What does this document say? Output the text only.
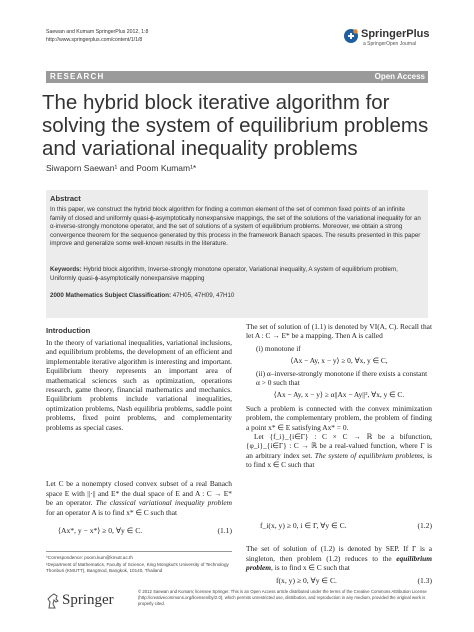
Saewan and Kumam SpringerPlus 2012, 1:8
http://www.springerplus.com/content/1/1/8	SpringerPlus
a SpringerOpen Journal
RESEARCH	Open Access
The hybrid block iterative algorithm for solving the system of equilibrium problems and variational inequality problems
Siwaporn Saewan¹ and Poom Kumam¹*
Abstract
In this paper, we construct the hybrid block algorithm for finding a common element of the set of common fixed points of an infinite family of closed and uniformly quasi-ϕ-asymptotically nonexpansive mappings, the set of the solutions of the variational inequality for an α-inverse-strongly monotone operator, and the set of solutions of a system of equilibrium problems. Moreover, we obtain a strong convergence theorem for the sequence generated by this process in the framework Banach spaces. The results presented in this paper improve and generalize some well-known results in the literature.
Keywords: Hybrid block algorithm, Inverse-strongly monotone operator, Variational inequality, A system of equilibrium problem, Uniformly quasi-ϕ-asymptotically nonexpansive mapping
2000 Mathematics Subject Classification: 47H05, 47H09, 47H10
Introduction

In the theory of variational inequalities, variational inclusions, and equilibrium problems, the development of an efficient and implementable iterative algorithm is interesting and important. Equilibrium theory represents an important area of mathematical sciences such as optimization, operations research, game theory, financial mathematics and mechanics. Equilibrium problems include variational inequalities, optimization problems, Nash equilibria problems, saddle point problems, fixed point problems, and complementarity problems as special cases.

Let C be a nonempty closed convex subset of a real Banach space E with ||·|| and E* the dual space of E and A : C → E* be an operator. The classical variational inequality problem for an operator A is to find x* ∈ C such that

⟨Ax*, y − x*⟩ ≥ 0, ∀y ∈ C.	(1.1)
*Correspondence: poom.kum@kmutt.ac.th
¹Department of Mathematics, Faculty of Science, King Mongkut's University of Technology Thonburi (KMUTT), Bangmod, Bangkok, 10140, Thailand

The set of solution of (1.1) is denoted by VI(A, C). Recall that let A : C → E* be a mapping. Then A is called

(i) monotone if

⟨Ax − Ay, x − y⟩ ≥ 0, ∀x, y ∈ C,

(ii) α–inverse-strongly monotone if there exists a constant α > 0 such that

⟨Ax − Ay, x − y⟩ ≥ α||Ax − Ay||², ∀x, y ∈ C.

Such a problem is connected with the convex minimization problem, the complementary problem, the problem of finding a point x* ∈ E satisfying Ax* = 0.

Let {f_i}_{i∈Γ} : C × C → ℝ be a bifunction, {φ_i}_{i∈Γ} : C → ℝ be a real-valued function, where Γ is an arbitrary index set. The system of equilibrium problems, is to find x ∈ C such that

f_i(x, y) ≥ 0, i ∈ Γ, ∀y ∈ C.	(1.2)

The set of solution of (1.2) is denoted by SEP. If Γ is a singleton, then problem (1.2) reduces to the equilibrium problem, is to find x ∈ C such that

f(x, y) ≥ 0, ∀y ∈ C.	(1.3)
Springer
© 2012 Saewan and Kumam; licensee Springer. This is an Open Access article distributed under the terms of the Creative Commons Attribution License (http://creativecommons.org/licenses/by/2.0), which permits unrestricted use, distribution, and reproduction in any medium, provided the original work is properly cited.
